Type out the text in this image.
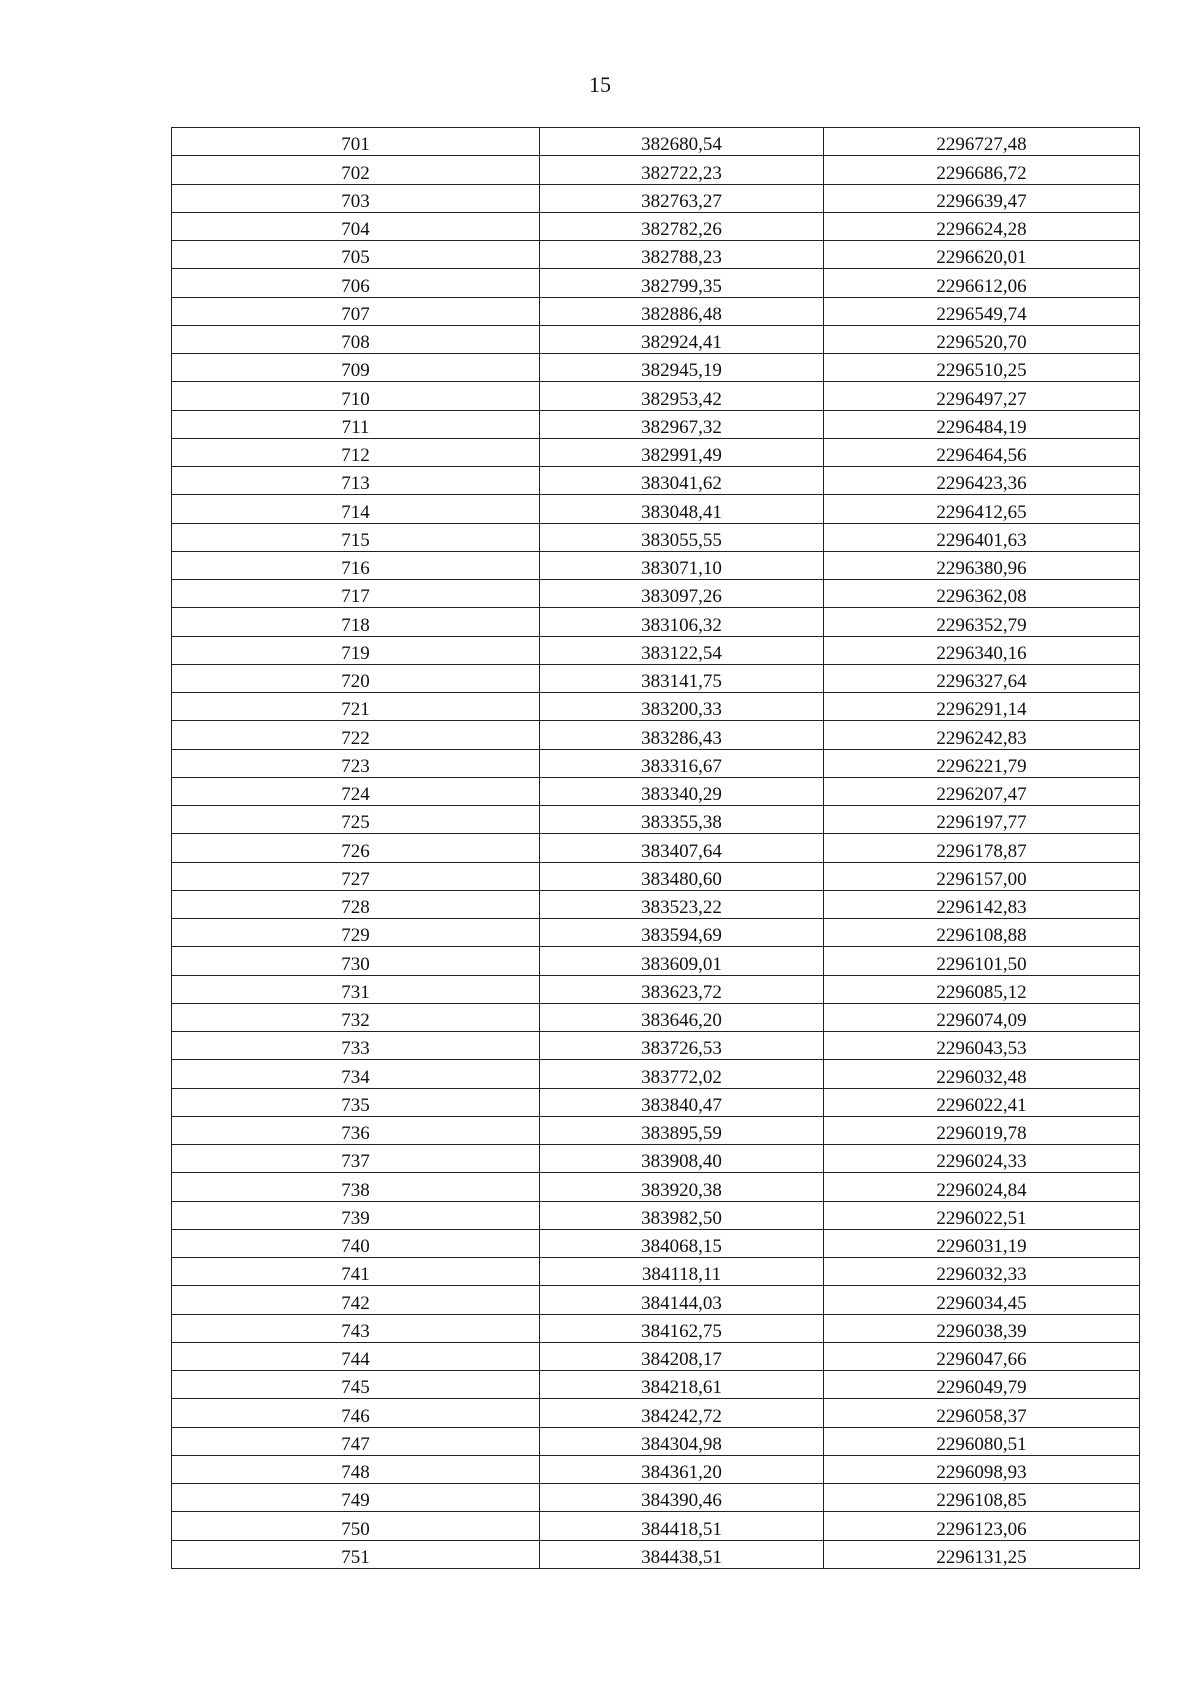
15
701	382680,54	2296727,48
702	382722,23	2296686,72
703	382763,27	2296639,47
704	382782,26	2296624,28
705	382788,23	2296620,01
706	382799,35	2296612,06
707	382886,48	2296549,74
708	382924,41	2296520,70
709	382945,19	2296510,25
710	382953,42	2296497,27
711	382967,32	2296484,19
712	382991,49	2296464,56
713	383041,62	2296423,36
714	383048,41	2296412,65
715	383055,55	2296401,63
716	383071,10	2296380,96
717	383097,26	2296362,08
718	383106,32	2296352,79
719	383122,54	2296340,16
720	383141,75	2296327,64
721	383200,33	2296291,14
722	383286,43	2296242,83
723	383316,67	2296221,79
724	383340,29	2296207,47
725	383355,38	2296197,77
726	383407,64	2296178,87
727	383480,60	2296157,00
728	383523,22	2296142,83
729	383594,69	2296108,88
730	383609,01	2296101,50
731	383623,72	2296085,12
732	383646,20	2296074,09
733	383726,53	2296043,53
734	383772,02	2296032,48
735	383840,47	2296022,41
736	383895,59	2296019,78
737	383908,40	2296024,33
738	383920,38	2296024,84
739	383982,50	2296022,51
740	384068,15	2296031,19
741	384118,11	2296032,33
742	384144,03	2296034,45
743	384162,75	2296038,39
744	384208,17	2296047,66
745	384218,61	2296049,79
746	384242,72	2296058,37
747	384304,98	2296080,51
748	384361,20	2296098,93
749	384390,46	2296108,85
750	384418,51	2296123,06
751	384438,51	2296131,25
